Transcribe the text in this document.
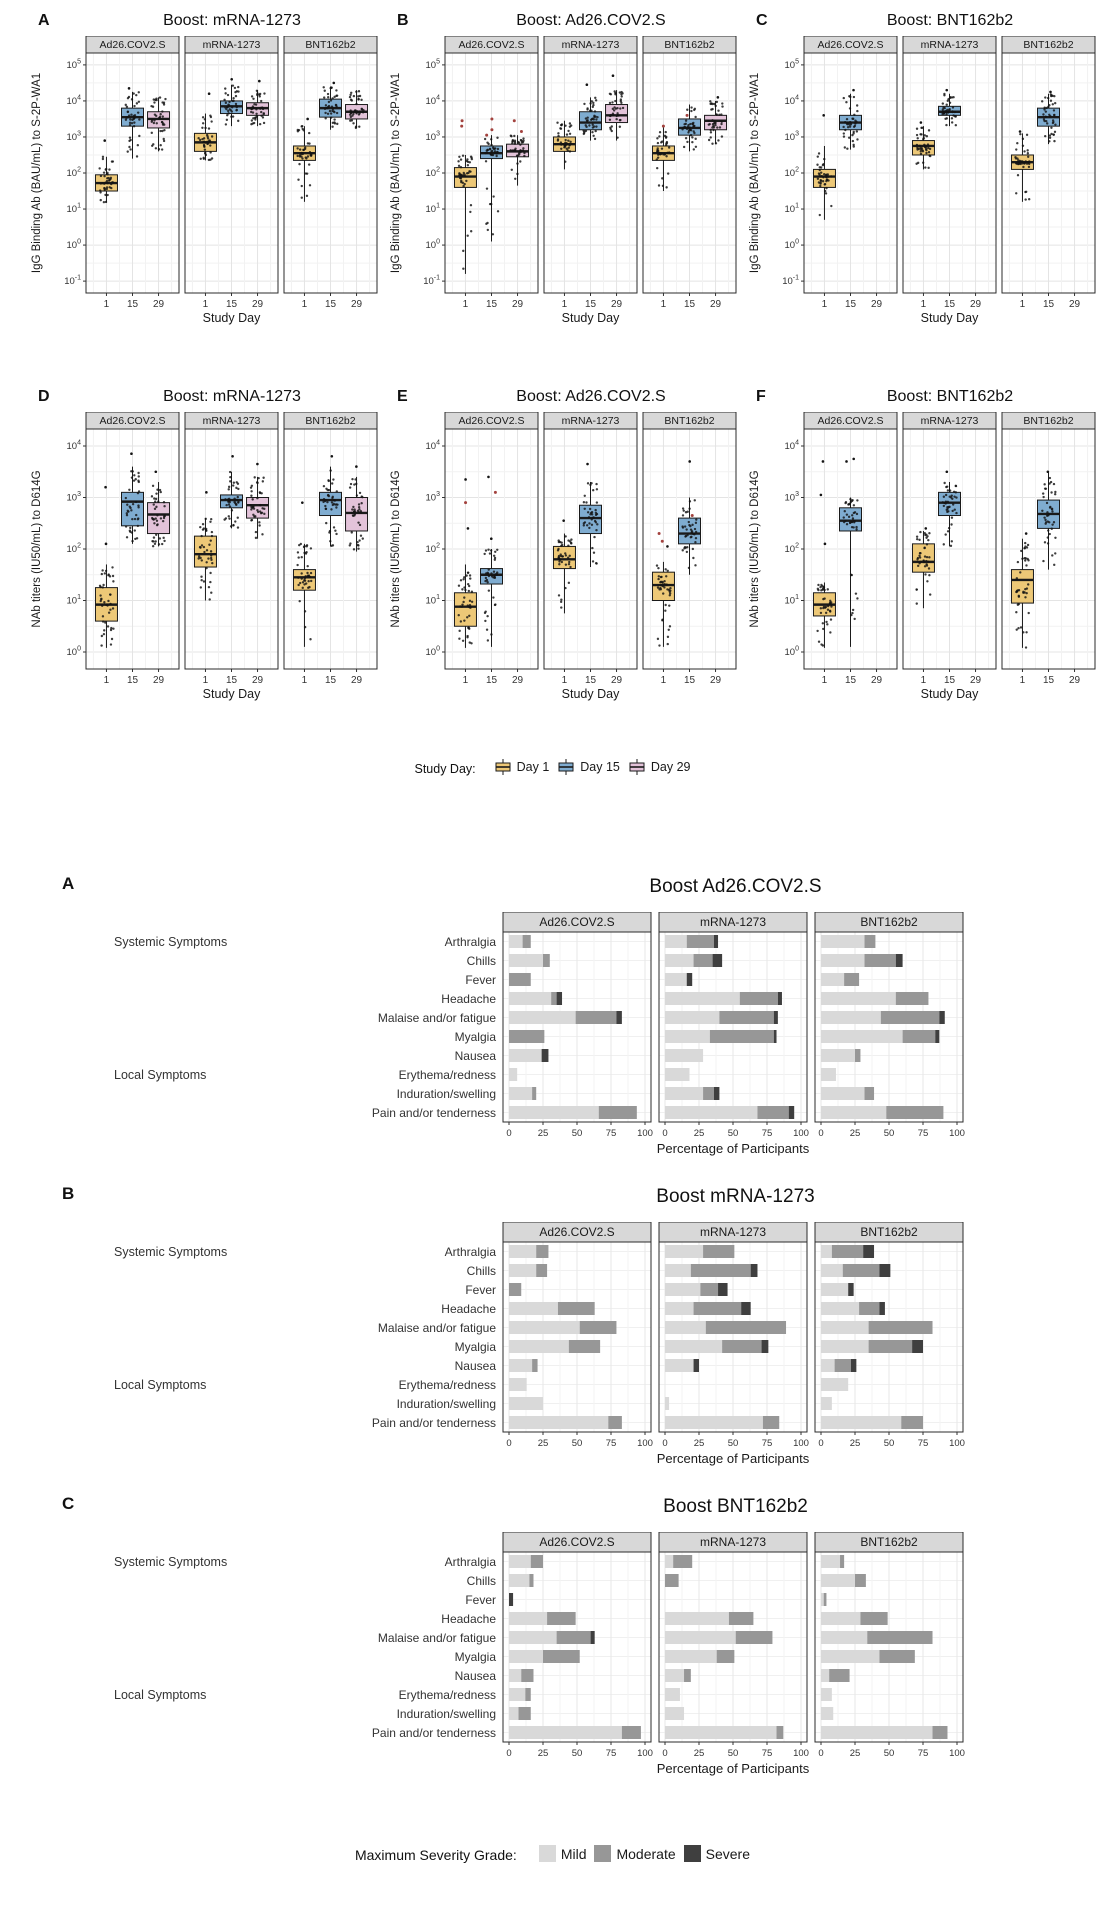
A	Boost: mRNA-1273
1 15 29
Ad26.COV2.S
1 15 29
mRNA-1273
1 15 29
BNT162b2
$10^{-1}$
$10^0$
$10^1$
$10^2$
$10^3$
$10^4$
$10^5$
IgG Binding Ab (BAU/mL) to S-2P-WA1
Study Day
B	Boost: Ad26.COV2.S
1 15 29
Ad26.COV2.S
1 15 29
mRNA-1273
1 15 29
BNT162b2
$10^{-1}$
$10^0$
$10^1$
$10^2$
$10^3$
$10^4$
$10^5$
IgG Binding Ab (BAU/mL) to S-2P-WA1
Study Day
C	Boost: BNT162b2
1 15 29
Ad26.COV2.S
1 15 29
mRNA-1273
1 15 29
BNT162b2
$10^{-1}$
$10^0$
$10^1$
$10^2$
$10^3$
$10^4$
$10^5$
IgG Binding Ab (BAU/mL) to S-2P-WA1
Study Day
D	Boost: mRNA-1273
1 15 29
Ad26.COV2.S
1 15 29
mRNA-1273
1 15 29
BNT162b2
$10^0$
$10^1$
$10^2$
$10^3$
$10^4$
NAb titers (IU50/mL) to D614G
Study Day
E	Boost: Ad26.COV2.S
1 15 29
Ad26.COV2.S
1 15 29
mRNA-1273
1 15 29
BNT162b2
$10^0$
$10^1$
$10^2$
$10^3$
$10^4$
NAb titers (IU50/mL) to D614G
Study Day
F	Boost: BNT162b2
1 15 29
Ad26.COV2.S
1 15 29
mRNA-1273
1 15 29
BNT162b2
$10^0$
$10^1$
$10^2$
$10^3$
$10^4$
NAb titers (IU50/mL) to D614G
Study Day
Study Day:	Day 1 Day 15 Day 29
A	Boost Ad26.COV2.S
Systemic Symptoms
Local Symptoms
Arthralgia
Chills
Fever
Headache
Malaise and/or fatigue
Myalgia
Nausea
Erythema/redness
Induration/swelling
Pain and/or tenderness
0	25 50 75 100
Ad26.COV2.S
0	25 50 75 100
mRNA-1273
0	25 50 75 100
BNT162b2
Percentage of Participants
B	Boost mRNA-1273
Systemic Symptoms
Local Symptoms
Arthralgia
Chills
Fever
Headache
Malaise and/or fatigue
Myalgia
Nausea
Erythema/redness
Induration/swelling
Pain and/or tenderness
0	25 50 75 100
Ad26.COV2.S
0	25 50 75 100
mRNA-1273
0	25 50 75 100
BNT162b2
Percentage of Participants
C	Boost BNT162b2
Systemic Symptoms
Local Symptoms
Arthralgia
Chills
Fever
Headache
Malaise and/or fatigue
Myalgia
Nausea
Erythema/redness
Induration/swelling
Pain and/or tenderness
0	25 50 75 100
Ad26.COV2.S
0	25 50 75 100
mRNA-1273
0	25 50 75 100
BNT162b2
Percentage of Participants
Maximum Severity Grade:	Mild Moderate Severe
